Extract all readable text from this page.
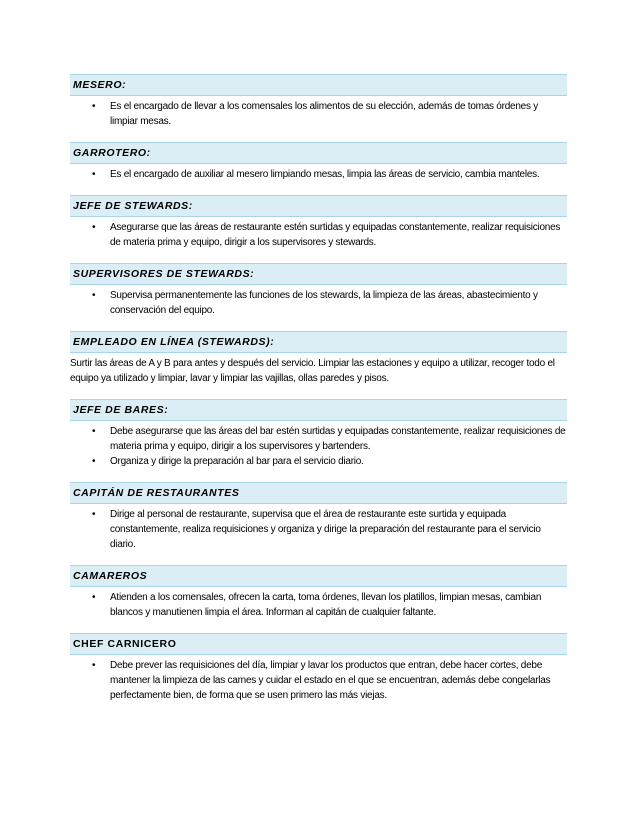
MESERO:
• Es el encargado de llevar a los comensales los alimentos de su elección, además de tomas órdenes y limpiar mesas.
GARROTERO:
• Es el encargado de auxiliar al mesero limpiando mesas, limpia las áreas de servicio, cambia manteles.
JEFE DE STEWARDS:
• Asegurarse que las áreas de restaurante estén surtidas y equipadas constantemente, realizar requisiciones de materia prima y equipo, dirigir a los supervisores y stewards.
SUPERVISORES DE STEWARDS:
• Supervisa permanentemente las funciones de los stewards, la limpieza de las áreas, abastecimiento y conservación del equipo.
EMPLEADO EN LÍNEA (STEWARDS):
Surtir las áreas de A y B para antes y después del servicio. Limpiar las estaciones y equipo a utilizar, recoger todo el equipo ya utilizado y limpiar, lavar y limpiar las vajillas, ollas paredes y pisos.
JEFE DE BARES:
• Debe asegurarse que las áreas del bar estén surtidas y equipadas constantemente, realizar requisiciones de materia prima y equipo, dirigir a los supervisores y bartenders.
• Organiza y dirige la preparación al bar para el servicio diario.
CAPITÁN DE RESTAURANTES
• Dirige al personal de restaurante, supervisa que el área de restaurante este surtida y equipada constantemente, realiza requisiciones y organiza y dirige la preparación del restaurante para el servicio diario.
CAMAREROS
• Atienden a los comensales, ofrecen la carta, toma órdenes, llevan los platillos, limpian mesas, cambian blancos y manutienen limpia el área. Informan al capitán de cualquier faltante.
CHEF CARNICERO
• Debe prever las requisiciones del día, limpiar y lavar los productos que entran, debe hacer cortes, debe mantener la limpieza de las carnes y cuidar el estado en el que se encuentran, además debe congelarlas perfectamente bien, de forma que se usen primero las más viejas.
